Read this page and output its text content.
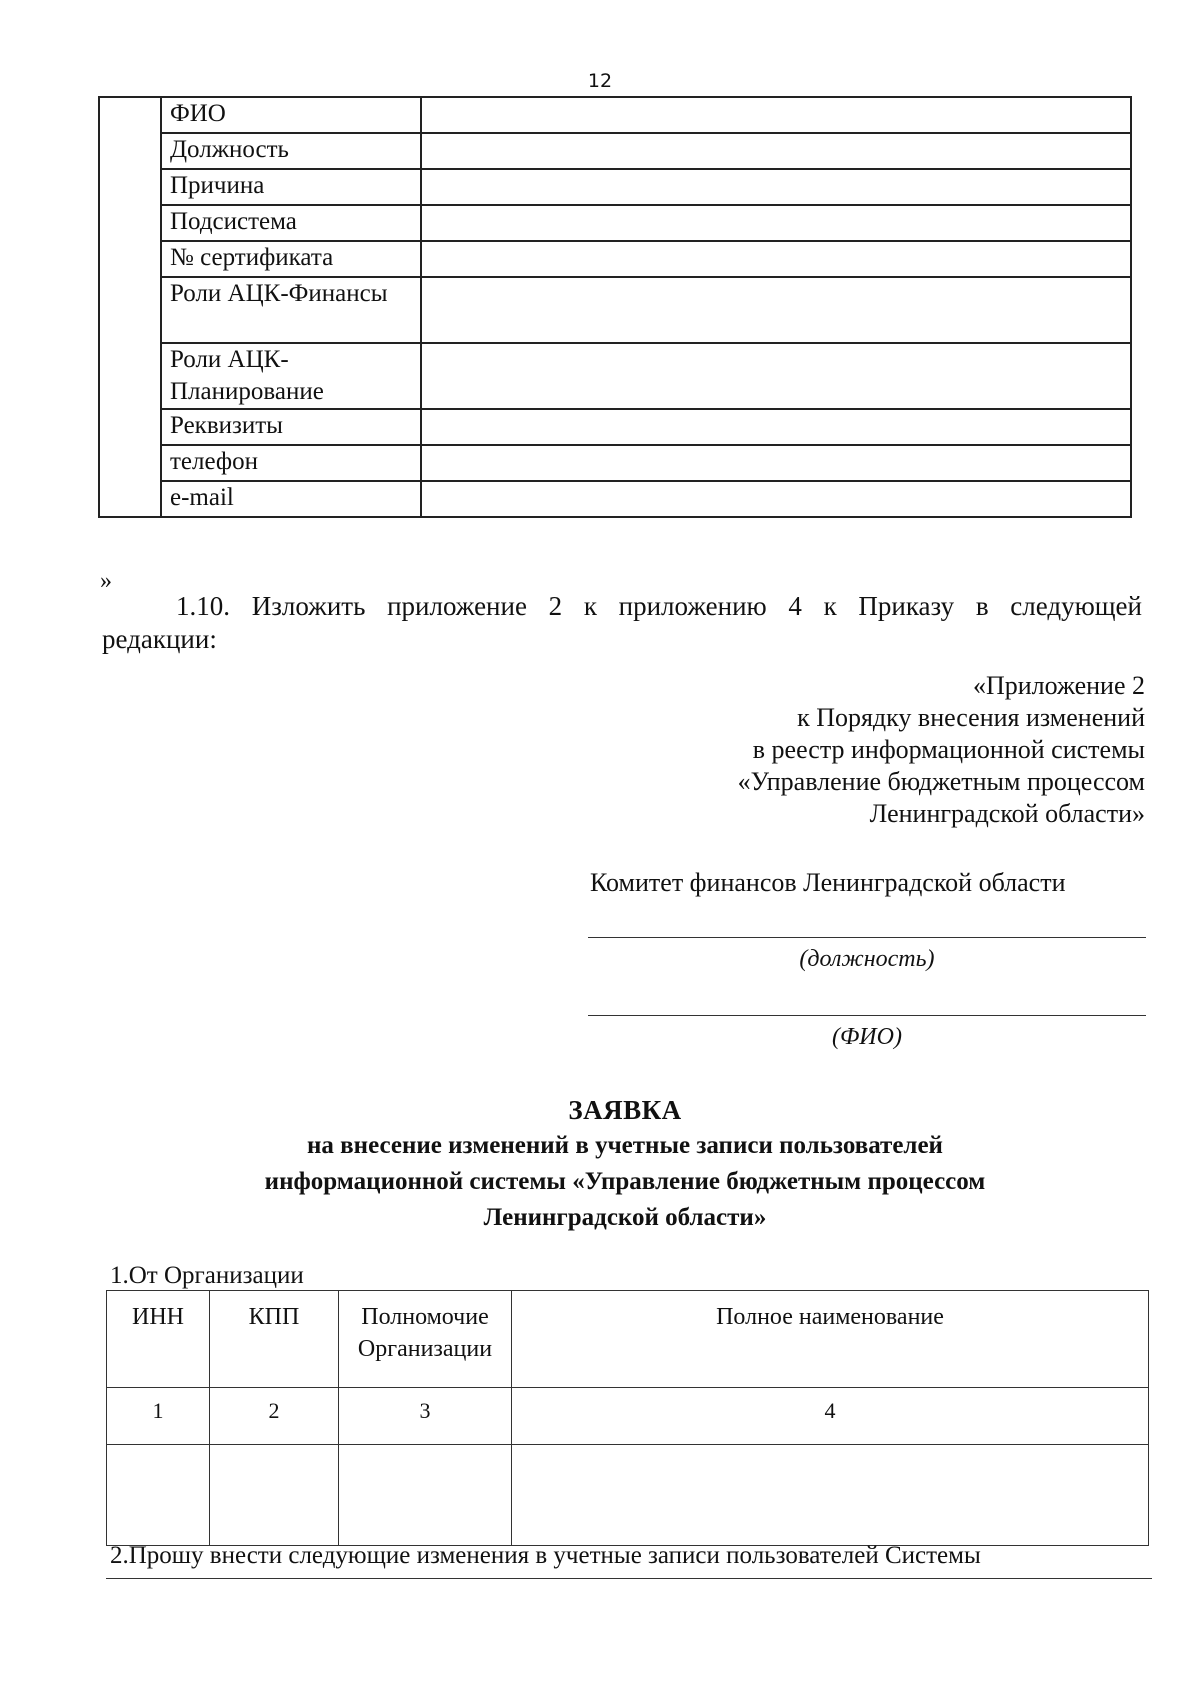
12
	ФИО	
	Должность	
	Причина	
	Подсистема	
	№ сертификата	
	Роли АЦК-Финансы	
	Роли АЦК-Планирование	
	Реквизиты	
	телефон	
	e-mail	
»
1.10. Изложить приложение 2 к приложению 4 к Приказу в следующей
редакции:
«Приложение 2
к Порядку внесения изменений
в реестр информационной системы
«Управление бюджетным процессом
Ленинградской области»
Комитет финансов Ленинградской области
(должность)
(ФИО)
ЗАЯВКА
на внесение изменений в учетные записи пользователей
информационной системы «Управление бюджетным процессом
Ленинградской области»
1.От Организации
ИНН	КПП	Полномочие Организации	Полное наименование
1	2	3	4

2.Прошу внести следующие изменения в учетные записи пользователей Системы
